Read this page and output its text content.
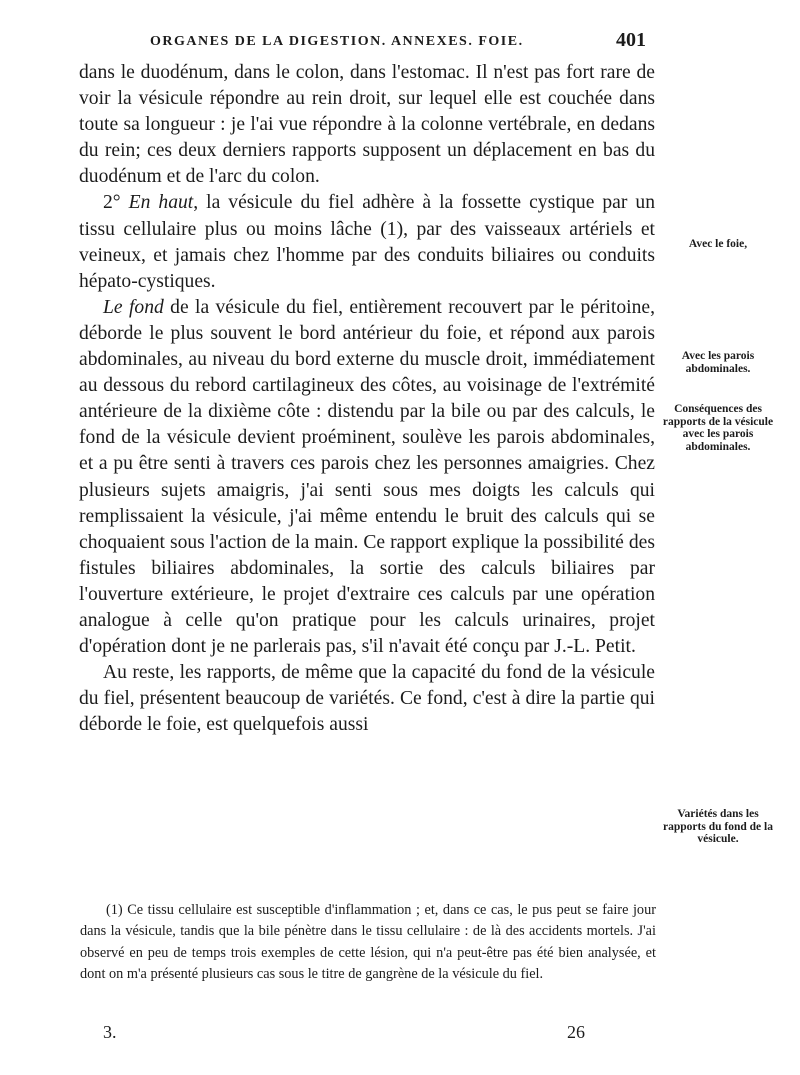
ORGANES DE LA DIGESTION. ANNEXES. FOIE.	401

dans le duodénum, dans le colon, dans l'estomac. Il n'est pas fort rare de voir la vésicule répondre au rein droit, sur lequel elle est couchée dans toute sa longueur : je l'ai vue répondre à la colonne vertébrale, en dedans du rein; ces deux derniers rapports supposent un déplacement en bas du duodénum et de l'arc du colon.

2° En haut, la vésicule du fiel adhère à la fossette cystique par un tissu cellulaire plus ou moins lâche (1), par des vaisseaux artériels et veineux, et jamais chez l'homme par des conduits biliaires ou conduits hépato-cystiques.

Le fond de la vésicule du fiel, entièrement recouvert par le péritoine, déborde le plus souvent le bord antérieur du foie, et répond aux parois abdominales, au niveau du bord externe du muscle droit, immédiatement au dessous du rebord cartilagineux des côtes, au voisinage de l'extrémité antérieure de la dixième côte : distendu par la bile ou par des calculs, le fond de la vésicule devient proéminent, soulève les parois abdominales, et a pu être senti à travers ces parois chez les personnes amaigries. Chez plusieurs sujets amaigris, j'ai senti sous mes doigts les calculs qui remplissaient la vésicule, j'ai même entendu le bruit des calculs qui se choquaient sous l'action de la main. Ce rapport explique la possibilité des fistules biliaires abdominales, la sortie des calculs biliaires par l'ouverture extérieure, le projet d'extraire ces calculs par une opération analogue à celle qu'on pratique pour les calculs urinaires, projet d'opération dont je ne parlerais pas, s'il n'avait été conçu par J.-L. Petit.

Au reste, les rapports, de même que la capacité du fond de la vésicule du fiel, présentent beaucoup de variétés. Ce fond, c'est à dire la partie qui déborde le foie, est quelquefois aussi

Avec le foie,
Avec les parois abdominales.
Conséquences des rapports de la vésicule avec les parois abdominales.
Variétés dans les rapports du fond de la vésicule.

(1) Ce tissu cellulaire est susceptible d'inflammation ; et, dans ce cas, le pus peut se faire jour dans la vésicule, tandis que la bile pénètre dans le tissu cellulaire : de là des accidents mortels. J'ai observé en peu de temps trois exemples de cette lésion, qui n'a peut-être pas été bien analysée, et dont on m'a présenté plusieurs cas sous le titre de gangrène de la vésicule du fiel.

3.	26
